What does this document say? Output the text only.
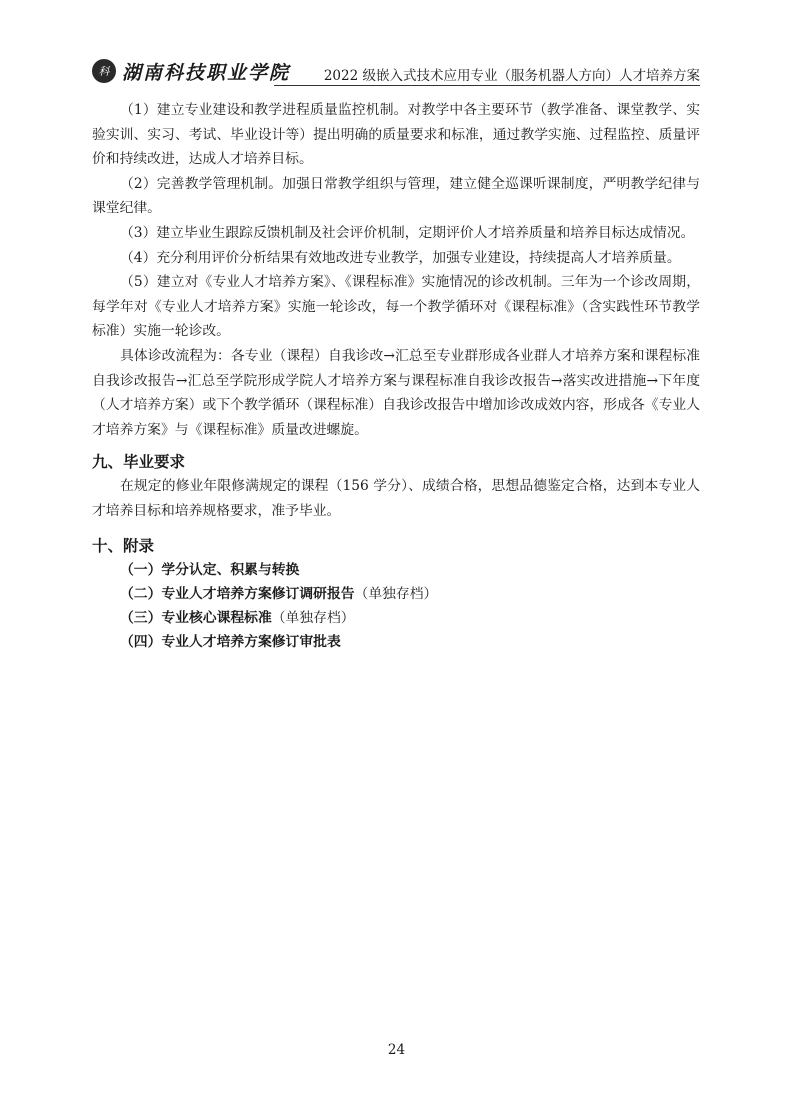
科 湖南科技职业学院	2022 级嵌入式技术应用专业（服务机器人方向）人才培养方案

（1）建立专业建设和教学进程质量监控机制。对教学中各主要环节（教学准备、课堂教学、实验实训、实习、考试、毕业设计等）提出明确的质量要求和标准，通过教学实施、过程监控、质量评价和持续改进，达成人才培养目标。

（2）完善教学管理机制。加强日常教学组织与管理，建立健全巡课听课制度，严明教学纪律与课堂纪律。

（3）建立毕业生跟踪反馈机制及社会评价机制，定期评价人才培养质量和培养目标达成情况。

（4）充分利用评价分析结果有效地改进专业教学，加强专业建设，持续提高人才培养质量。

（5）建立对《专业人才培养方案》、《课程标准》实施情况的诊改机制。三年为一个诊改周期，每学年对《专业人才培养方案》实施一轮诊改，每一个教学循环对《课程标准》（含实践性环节教学标准）实施一轮诊改。

具体诊改流程为：各专业（课程）自我诊改→汇总至专业群形成各业群人才培养方案和课程标准自我诊改报告→汇总至学院形成学院人才培养方案与课程标准自我诊改报告→落实改进措施→下年度（人才培养方案）或下个教学循环（课程标准）自我诊改报告中增加诊改成效内容，形成各《专业人才培养方案》与《课程标准》质量改进螺旋。

九、毕业要求

在规定的修业年限修满规定的课程（156 学分）、成绩合格，思想品德鉴定合格，达到本专业人才培养目标和培养规格要求，准予毕业。

十、附录

（一）学分认定、积累与转换

（二）专业人才培养方案修订调研报告（单独存档）

（三）专业核心课程标准（单独存档）

（四）专业人才培养方案修订审批表

24
